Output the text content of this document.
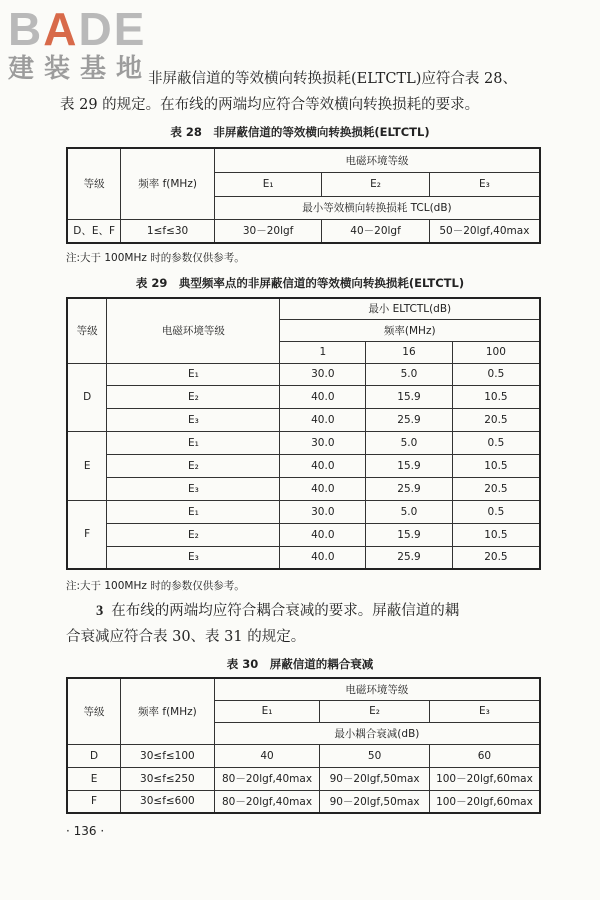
BADE
建装基地

非屏蔽信道的等效横向转换损耗(ELTCTL)应符合表 28、

表 29 的规定。在布线的两端均应符合等效横向转换损耗的要求。

表 28　非屏蔽信道的等效横向转换损耗(ELTCTL)

等级	频率 f(MHz)	电磁环境等级		
		E₁	E₂	E₃
		最小等效横向转换损耗 TCL(dB)		
D、E、F	1≤f≤30	30－20lgf	40－20lgf	50－20lgf,40max

注:大于 100MHz 时的参数仅供参考。

表 29　典型频率点的非屏蔽信道的等效横向转换损耗(ELTCTL)

等级	电磁环境等级	最小 ELTCTL(dB)		
		频率(MHz)		
		1	16	100
D	E₁	30.0	5.0	0.5
	E₂	40.0	15.9	10.5
	E₃	40.0	25.9	20.5
E	E₁	30.0	5.0	0.5
	E₂	40.0	15.9	10.5
	E₃	40.0	25.9	20.5
F	E₁	30.0	5.0	0.5
	E₂	40.0	15.9	10.5
	E₃	40.0	25.9	20.5

注:大于 100MHz 时的参数仅供参考。

3 在布线的两端均应符合耦合衰减的要求。屏蔽信道的耦

合衰减应符合表 30、表 31 的规定。

表 30　屏蔽信道的耦合衰减

等级	频率 f(MHz)	电磁环境等级		
		E₁	E₂	E₃
		最小耦合衰减(dB)		
D	30≤f≤100	40	50	60
E	30≤f≤250	80－20lgf,40max	90－20lgf,50max	100－20lgf,60max
F	30≤f≤600	80－20lgf,40max	90－20lgf,50max	100－20lgf,60max
· 136 ·
